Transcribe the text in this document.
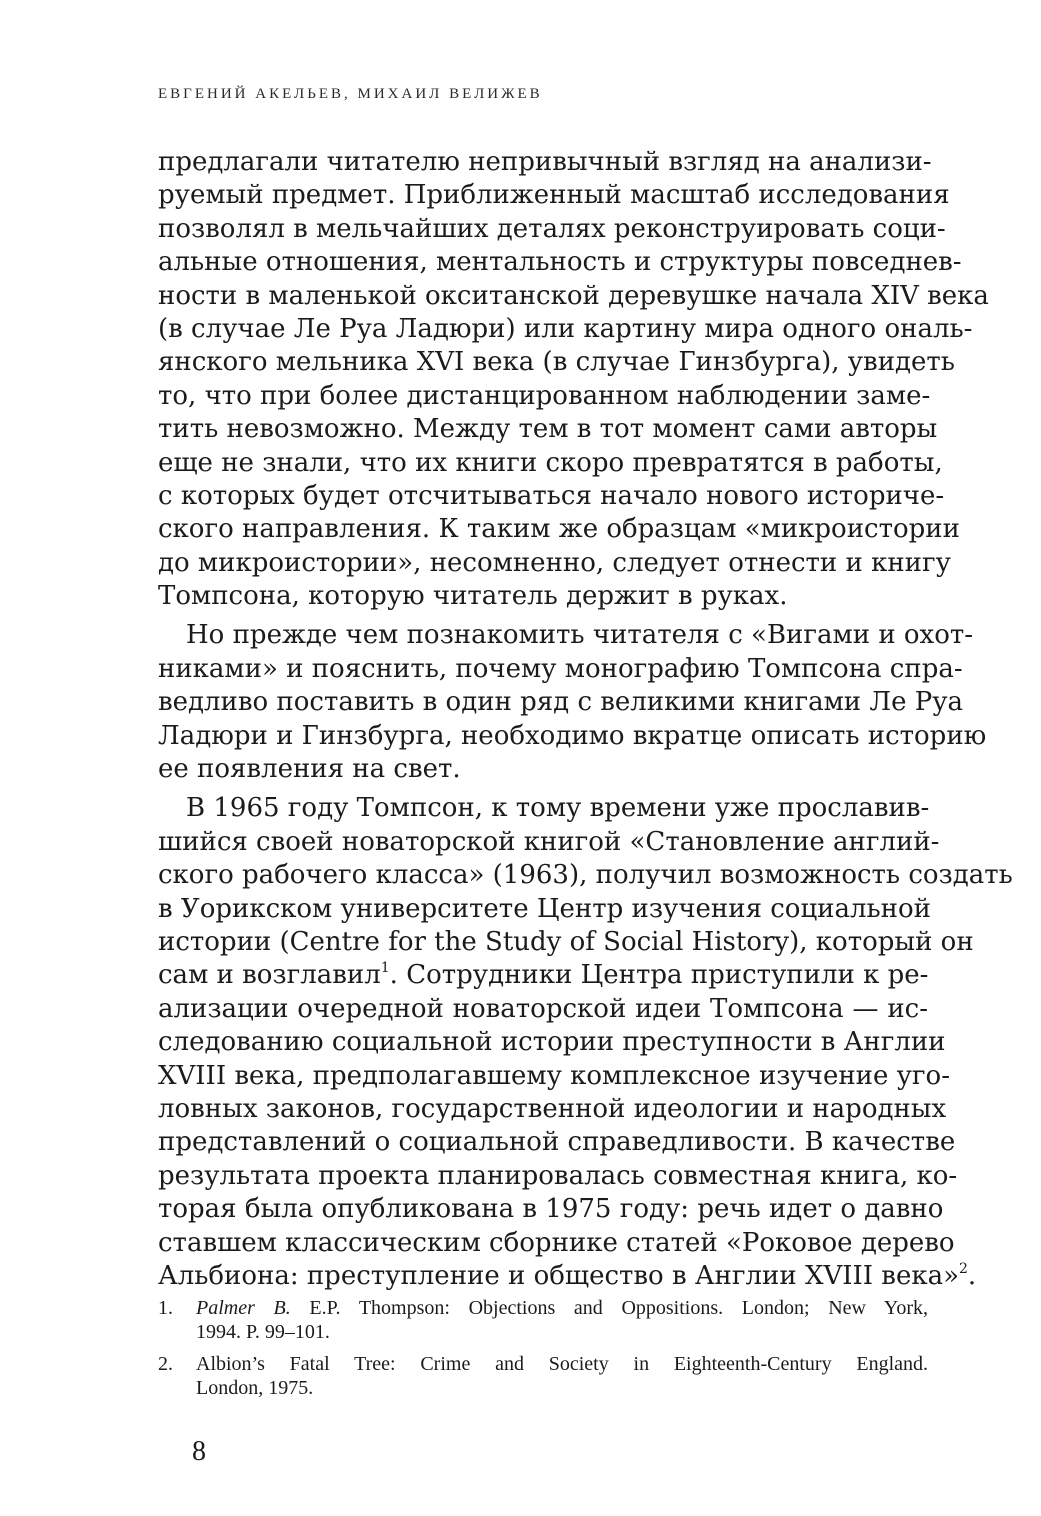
ЕВГЕНИЙ АКЕЛЬЕВ, МИХАИЛ ВЕЛИЖЕВ
предлагали читателю непривычный взгляд на анализи-
руемый предмет. Приближенный масштаб исследования
позволял в мельчайших деталях реконструировать соци-
альные отношения, ментальность и структуры повседнев-
ности в маленькой окситанской деревушке начала XIV века
(в случае Ле Руа Ладюри) или картину мира одного ональ-
янского мельника XVI века (в случае Гинзбурга), увидеть
то, что при более дистанцированном наблюдении заме-
тить невозможно. Между тем в тот момент сами авторы
еще не знали, что их книги скоро превратятся в работы,
с которых будет отсчитываться начало нового историче-
ского направления. К таким же образцам «микроистории
до микроистории», несомненно, следует отнести и книгу
Томпсона, которую читатель держит в руках.
Но прежде чем познакомить читателя с «Вигами и охот-
никами» и пояснить, почему монографию Томпсона спра-
ведливо поставить в один ряд с великими книгами Ле Руа
Ладюри и Гинзбурга, необходимо вкратце описать историю
ее появления на свет.
В 1965 году Томпсон, к тому времени уже прославив-
шийся своей новаторской книгой «Становление англий-
ского рабочего класса» (1963), получил возможность создать
в Уорикском университете Центр изучения социальной
истории (Centre for the Study of Social History), который он
сам и возглавил$^1$. Сотрудники Центра приступили к ре-
ализации очередной новаторской идеи Томпсона — ис-
следованию социальной истории преступности в Англии
XVIII века, предполагавшему комплексное изучение уго-
ловных законов, государственной идеологии и народных
представлений о социальной справедливости. В качестве
результата проекта планировалась совместная книга, ко-
торая была опубликована в 1975 году: речь идет о давно
ставшем классическим сборнике статей «Роковое дерево
Альбиона: преступление и общество в Англии XVIII века»$^2$.
1. Palmer B. E.P. Thompson: Objections and Oppositions. London; New York,
1994. P. 99–101.
2. Albion’s Fatal Tree: Crime and Society in Eighteenth-Century England.
London, 1975.
8
